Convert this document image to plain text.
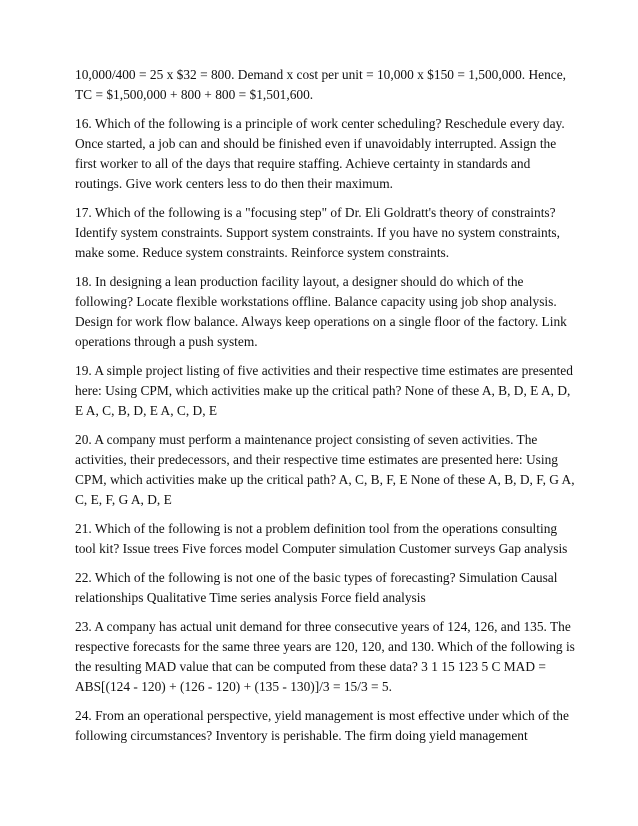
10,000/400 = 25 x $32 = 800. Demand x cost per unit = 10,000 x $150 = 1,500,000. Hence, TC = $1,500,000 + 800 + 800 = $1,501,600.

16. Which of the following is a principle of work center scheduling? Reschedule every day. Once started, a job can and should be finished even if unavoidably interrupted. Assign the first worker to all of the days that require staffing. Achieve certainty in standards and routings. Give work centers less to do then their maximum.

17. Which of the following is a "focusing step" of Dr. Eli Goldratt's theory of constraints? Identify system constraints. Support system constraints. If you have no system constraints, make some. Reduce system constraints. Reinforce system constraints.

18. In designing a lean production facility layout, a designer should do which of the following? Locate flexible workstations offline. Balance capacity using job shop analysis. Design for work flow balance. Always keep operations on a single floor of the factory. Link operations through a push system.

19. A simple project listing of five activities and their respective time estimates are presented here: Using CPM, which activities make up the critical path? None of these A, B, D, E A, D, E A, C, B, D, E A, C, D, E

20. A company must perform a maintenance project consisting of seven activities. The activities, their predecessors, and their respective time estimates are presented here: Using CPM, which activities make up the critical path? A, C, B, F, E None of these A, B, D, F, G A, C, E, F, G A, D, E

21. Which of the following is not a problem definition tool from the operations consulting tool kit? Issue trees Five forces model Computer simulation Customer surveys Gap analysis

22. Which of the following is not one of the basic types of forecasting? Simulation Causal relationships Qualitative Time series analysis Force field analysis

23. A company has actual unit demand for three consecutive years of 124, 126, and 135. The respective forecasts for the same three years are 120, 120, and 130. Which of the following is the resulting MAD value that can be computed from these data? 3 1 15 123 5 C MAD = ABS[(124 - 120) + (126 - 120) + (135 - 130)]/3 = 15/3 = 5.

24. From an operational perspective, yield management is most effective under which of the following circumstances? Inventory is perishable. The firm doing yield management
